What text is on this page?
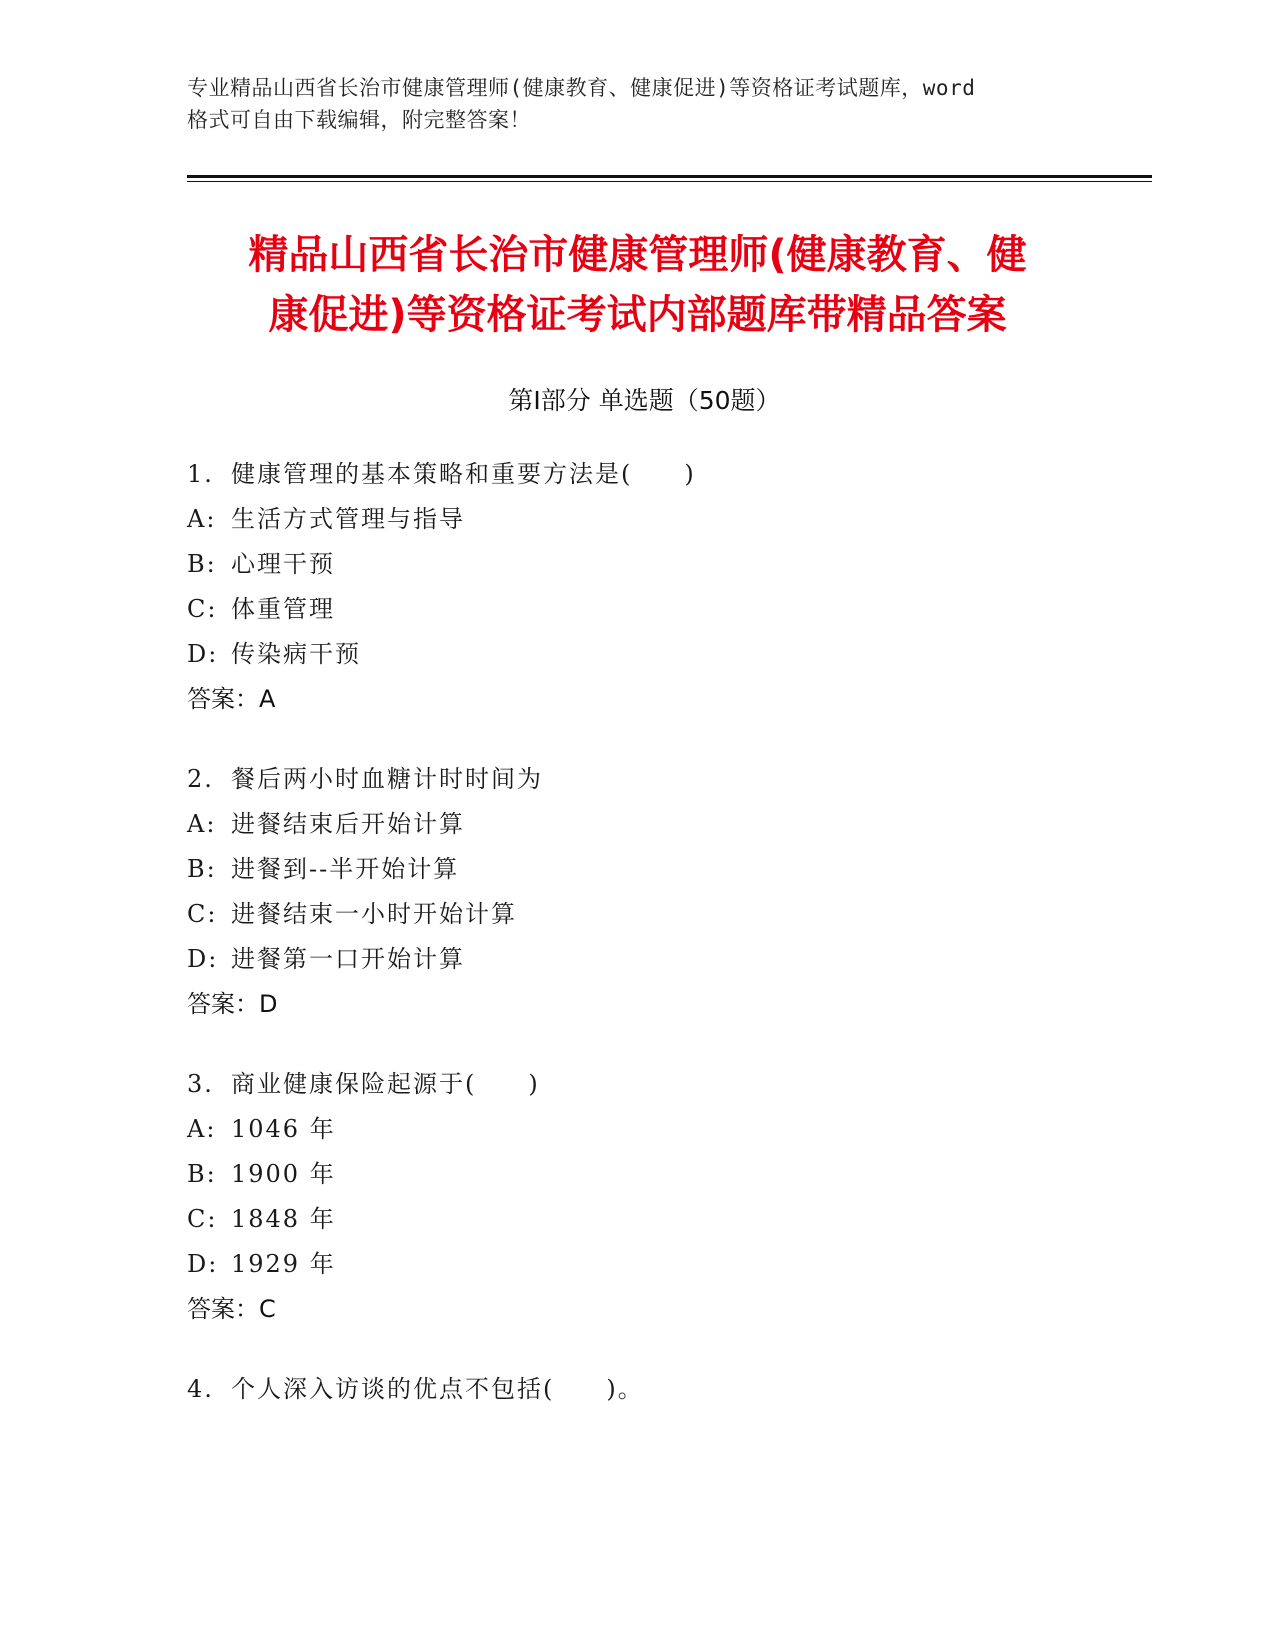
专业精品山西省长治市健康管理师(健康教育、健康促进)等资格证考试题库，word
格式可自由下载编辑，附完整答案！
精品山西省长治市健康管理师(健康教育、健
康促进)等资格证考试内部题库带精品答案
第Ⅰ部分 单选题（50题）
1. 健康管理的基本策略和重要方法是(　　)
A: 生活方式管理与指导
B: 心理干预
C: 体重管理
D: 传染病干预
答案：A
2. 餐后两小时血糖计时时间为
A: 进餐结束后开始计算
B: 进餐到--半开始计算
C: 进餐结束一小时开始计算
D: 进餐第一口开始计算
答案：D
3. 商业健康保险起源于(　　)
A: 1046 年
B: 1900 年
C: 1848 年
D: 1929 年
答案：C
4. 个人深入访谈的优点不包括(　　)。
